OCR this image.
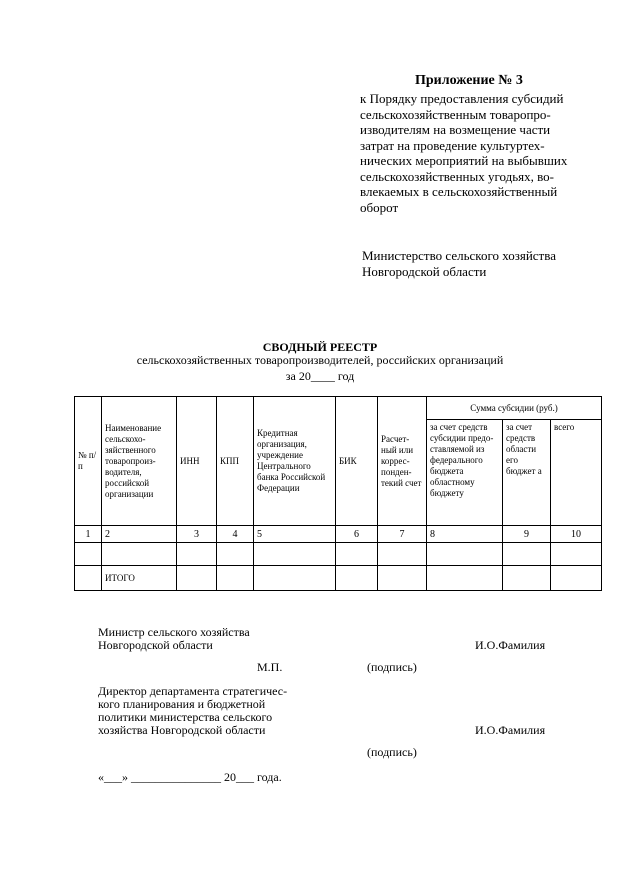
Приложение № 3
к Порядку предоставления субсидий
сельскохозяйственным товаропро-
изводителям на возмещение части
затрат на проведение культуртех-
нических мероприятий на выбывших
сельскохозяйственных угодьях, во-
влекаемых в сельскохозяйственный
оборот
Министерство сельского хозяйства
Новгородской области
СВОДНЫЙ РЕЕСТР
сельскохозяйственных товаропроизводителей, российских организаций
за 20____ год
№ п/п	Наименование сельскохо-зяйственного товаропроиз-водителя, российской организации	ИНН	КПП	Кредитная организация, учреждение Центрального банка Российской Федерации	БИК	Расчет-ный или коррес-понден-текий счет	Сумма субсидии (руб.)		
							за счет средств субсидии предо-ставляемой из федерального бюджета областному бюджету	за счет средств области его бюджет а	всего
1	2	3	4	5	6	7	8	9	10

	ИТОГО								
Министр сельского хозяйства
Новгородской области	И.О.Фамилия
М.П.	(подпись)
Директор департамента стратегичес-
кого планирования и бюджетной
политики министерства сельского
хозяйства Новгородской области	И.О.Фамилия
(подпись)
«___» _______________ 20___ года.
